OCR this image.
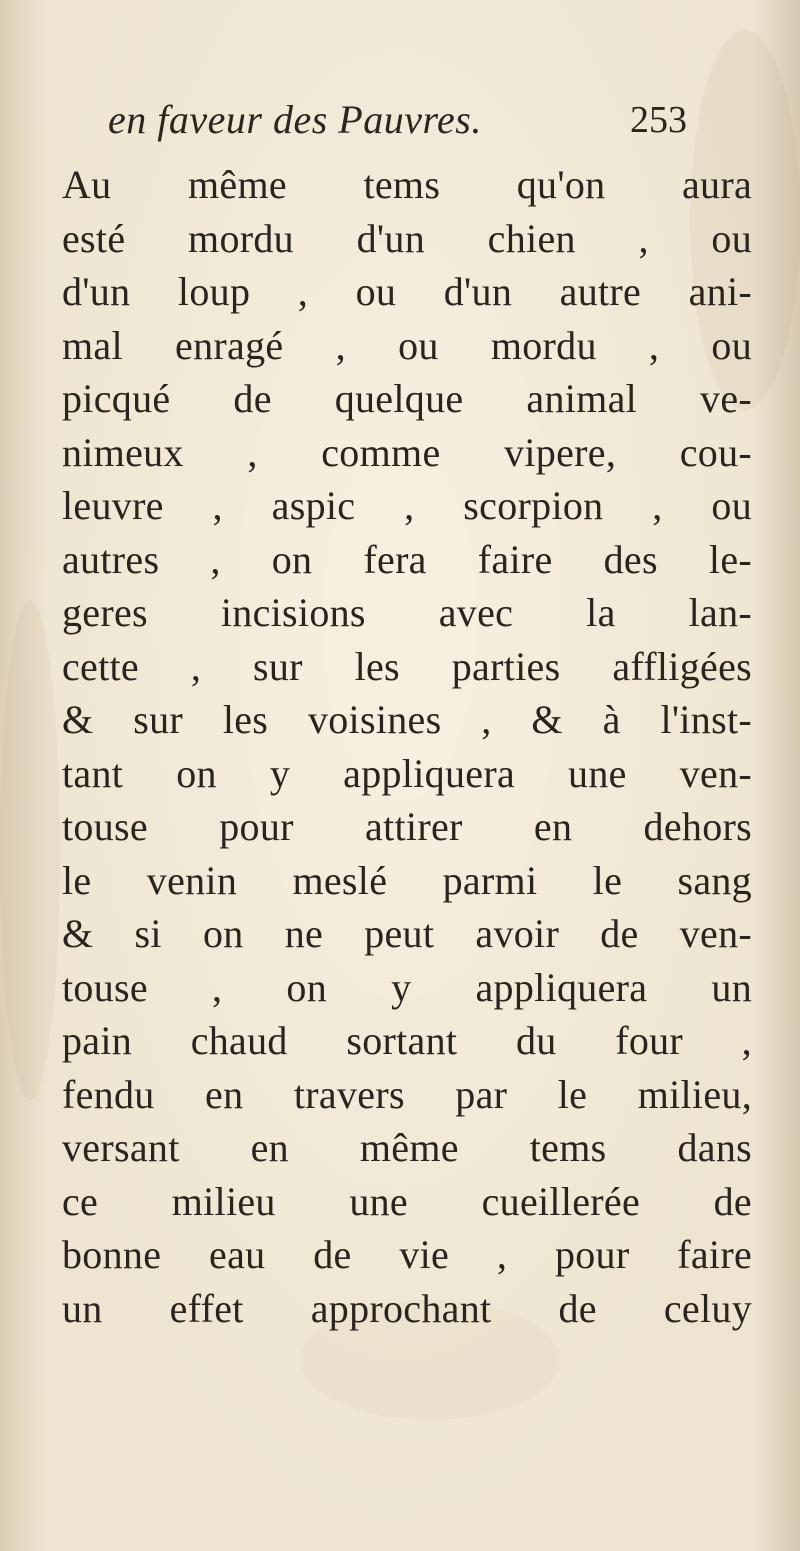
en faveur des Pauvres.	253
Au même tems qu'on aura
esté mordu d'un chien , ou
d'un loup , ou d'un autre ani-
mal enragé , ou mordu , ou
picqué de quelque animal ve-
nimeux , comme vipere, cou-
leuvre , aspic , scorpion , ou
autres , on fera faire des le-
geres incisions avec la lan-
cette , sur les parties affligées
& sur les voisines , & à l'inst-
tant on y appliquera une ven-
touse pour attirer en dehors
le venin meslé parmi le sang
& si on ne peut avoir de ven-
touse , on y appliquera un
pain chaud sortant du four ,
fendu en travers par le milieu,
versant en même tems dans
ce milieu une cueillerée de
bonne eau de vie , pour faire
un effet approchant de celuy
